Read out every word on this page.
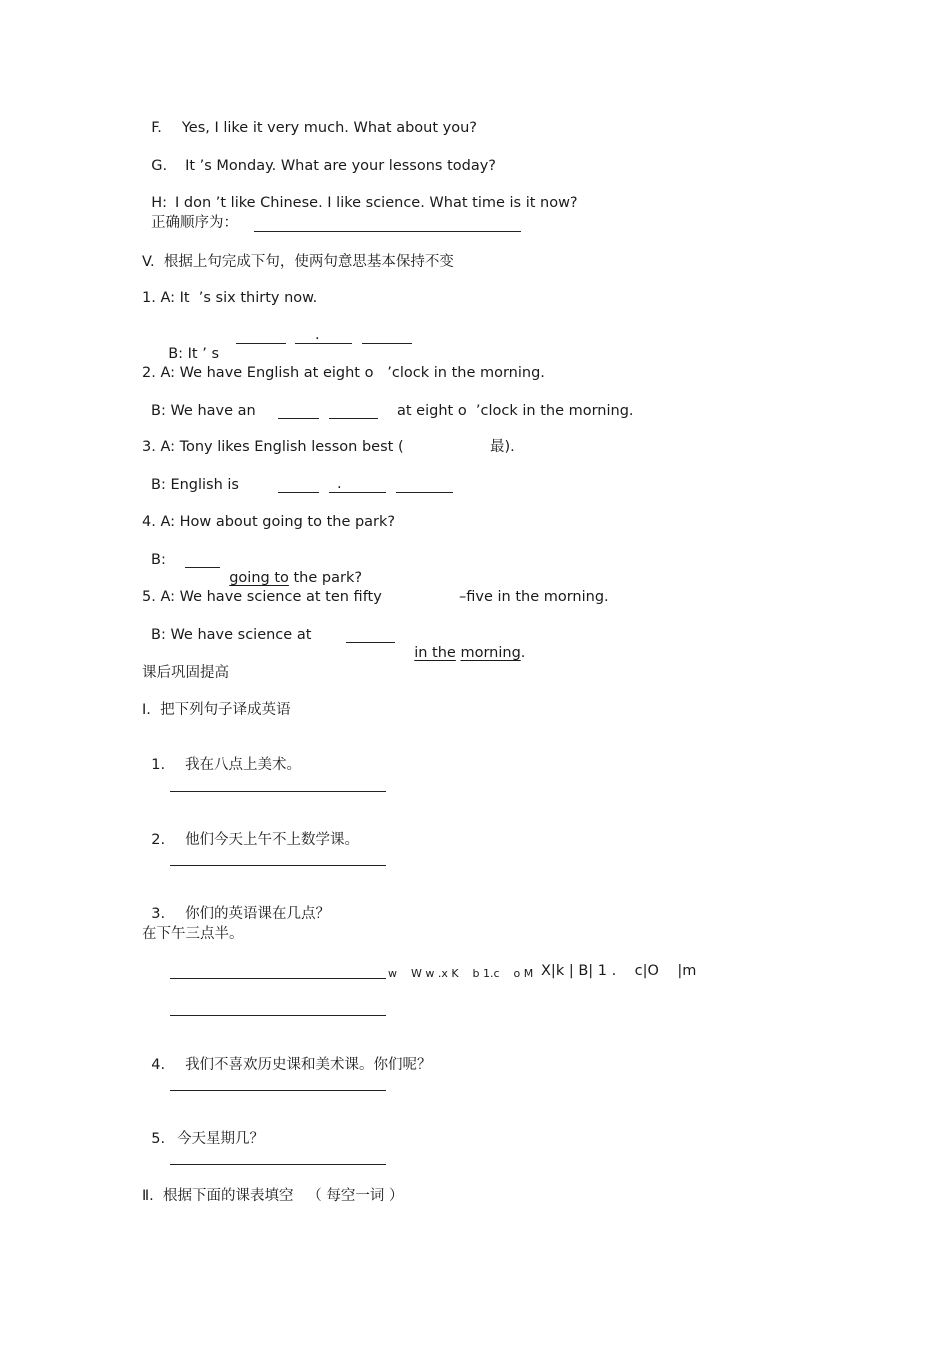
F. Yes, I like it very much. What about you?

G. It ’s Monday. What are your lessons today?

H: I don ’t like Chinese. I like science. What time is it now?

正确顺序为：
V.  根据上句完成下句，使两句意思基本保持不变
1. A: It  ’s six thirty now.

B: It ’ s

.
2. A: We have English at eight o   ’clock in the morning.
B: We have an	at eight o  ’clock in the morning.
3. A: Tony likes English lesson best (	最).
B: English is	.
4. A: How about going to the park?
B:

going to the park?

5. A: We have science at ten fifty	–five in the morning.
B: We have science at

in the morning.

课后巩固提高
I.  把下列句子译成英语

1. 我在八点上美术。

2. 他们今天上午不上数学课。

3. 你们的英语课在几点？

在下午三点半。
w    W w .x K    b 1.c    o M X|k | B| 1 .    c|O    |m

4. 我们不喜欢历史课和美术课。你们呢？

5. 今天星期几？

Ⅱ.  根据下面的课表填空   （ 每空一词 ）
